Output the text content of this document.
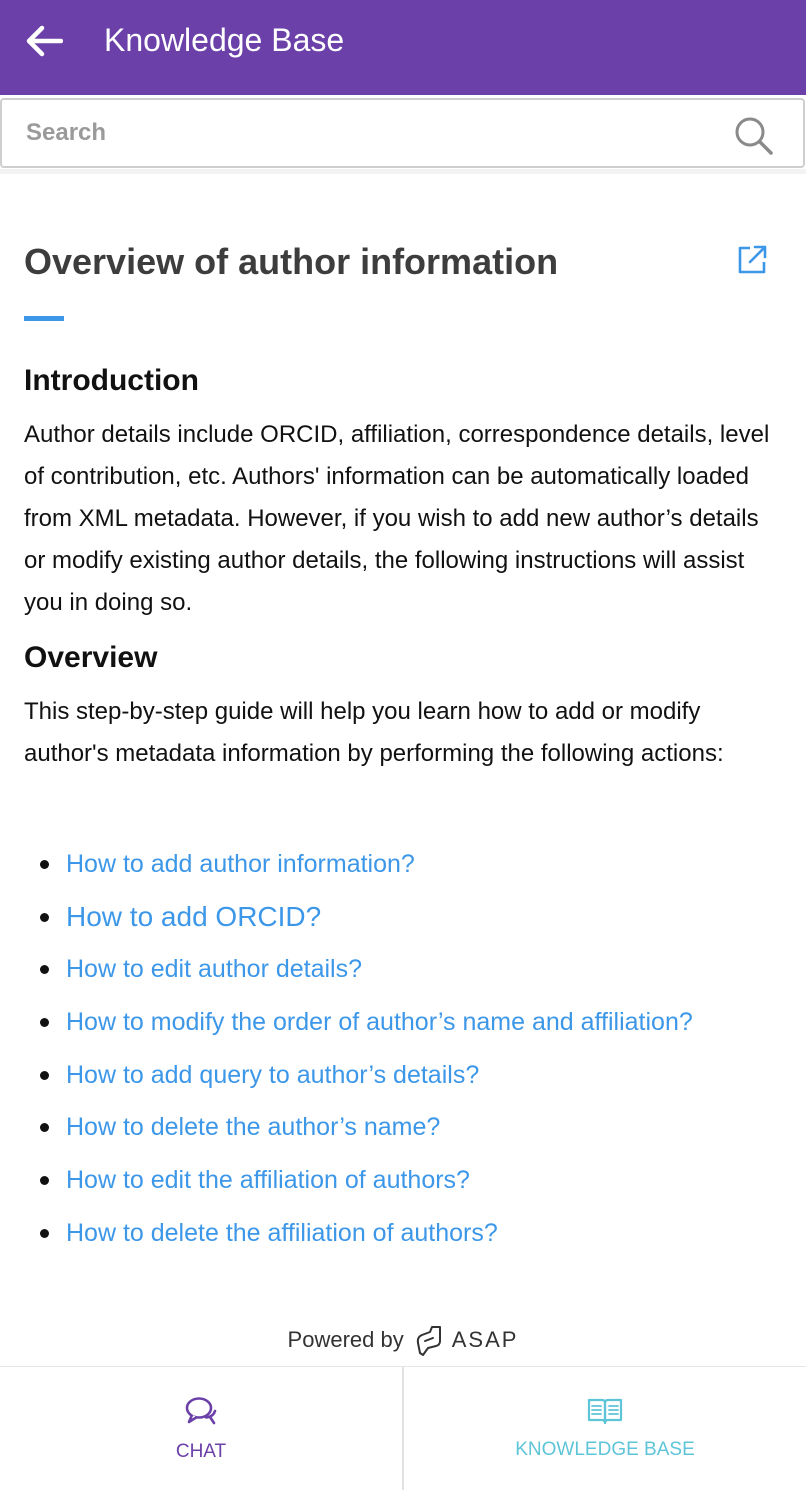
Knowledge Base
Search
Overview of author information
Introduction

Author details include ORCID, affiliation, correspondence details, level of contribution, etc. Authors' information can be automatically loaded from XML metadata. However, if you wish to add new author’s details or modify existing author details, the following instructions will assist you in doing so.

Overview

This step-by-step guide will help you learn how to add or modify author's metadata information by performing the following actions:

How to add author information?
How to add ORCID?
How to edit author details?
How to modify the order of author’s name and affiliation?
How to add query to author’s details?
How to delete the author’s name?
How to edit the affiliation of authors?
How to delete the affiliation of authors?
Powered by ASAP
CHAT	KNOWLEDGE BASE
